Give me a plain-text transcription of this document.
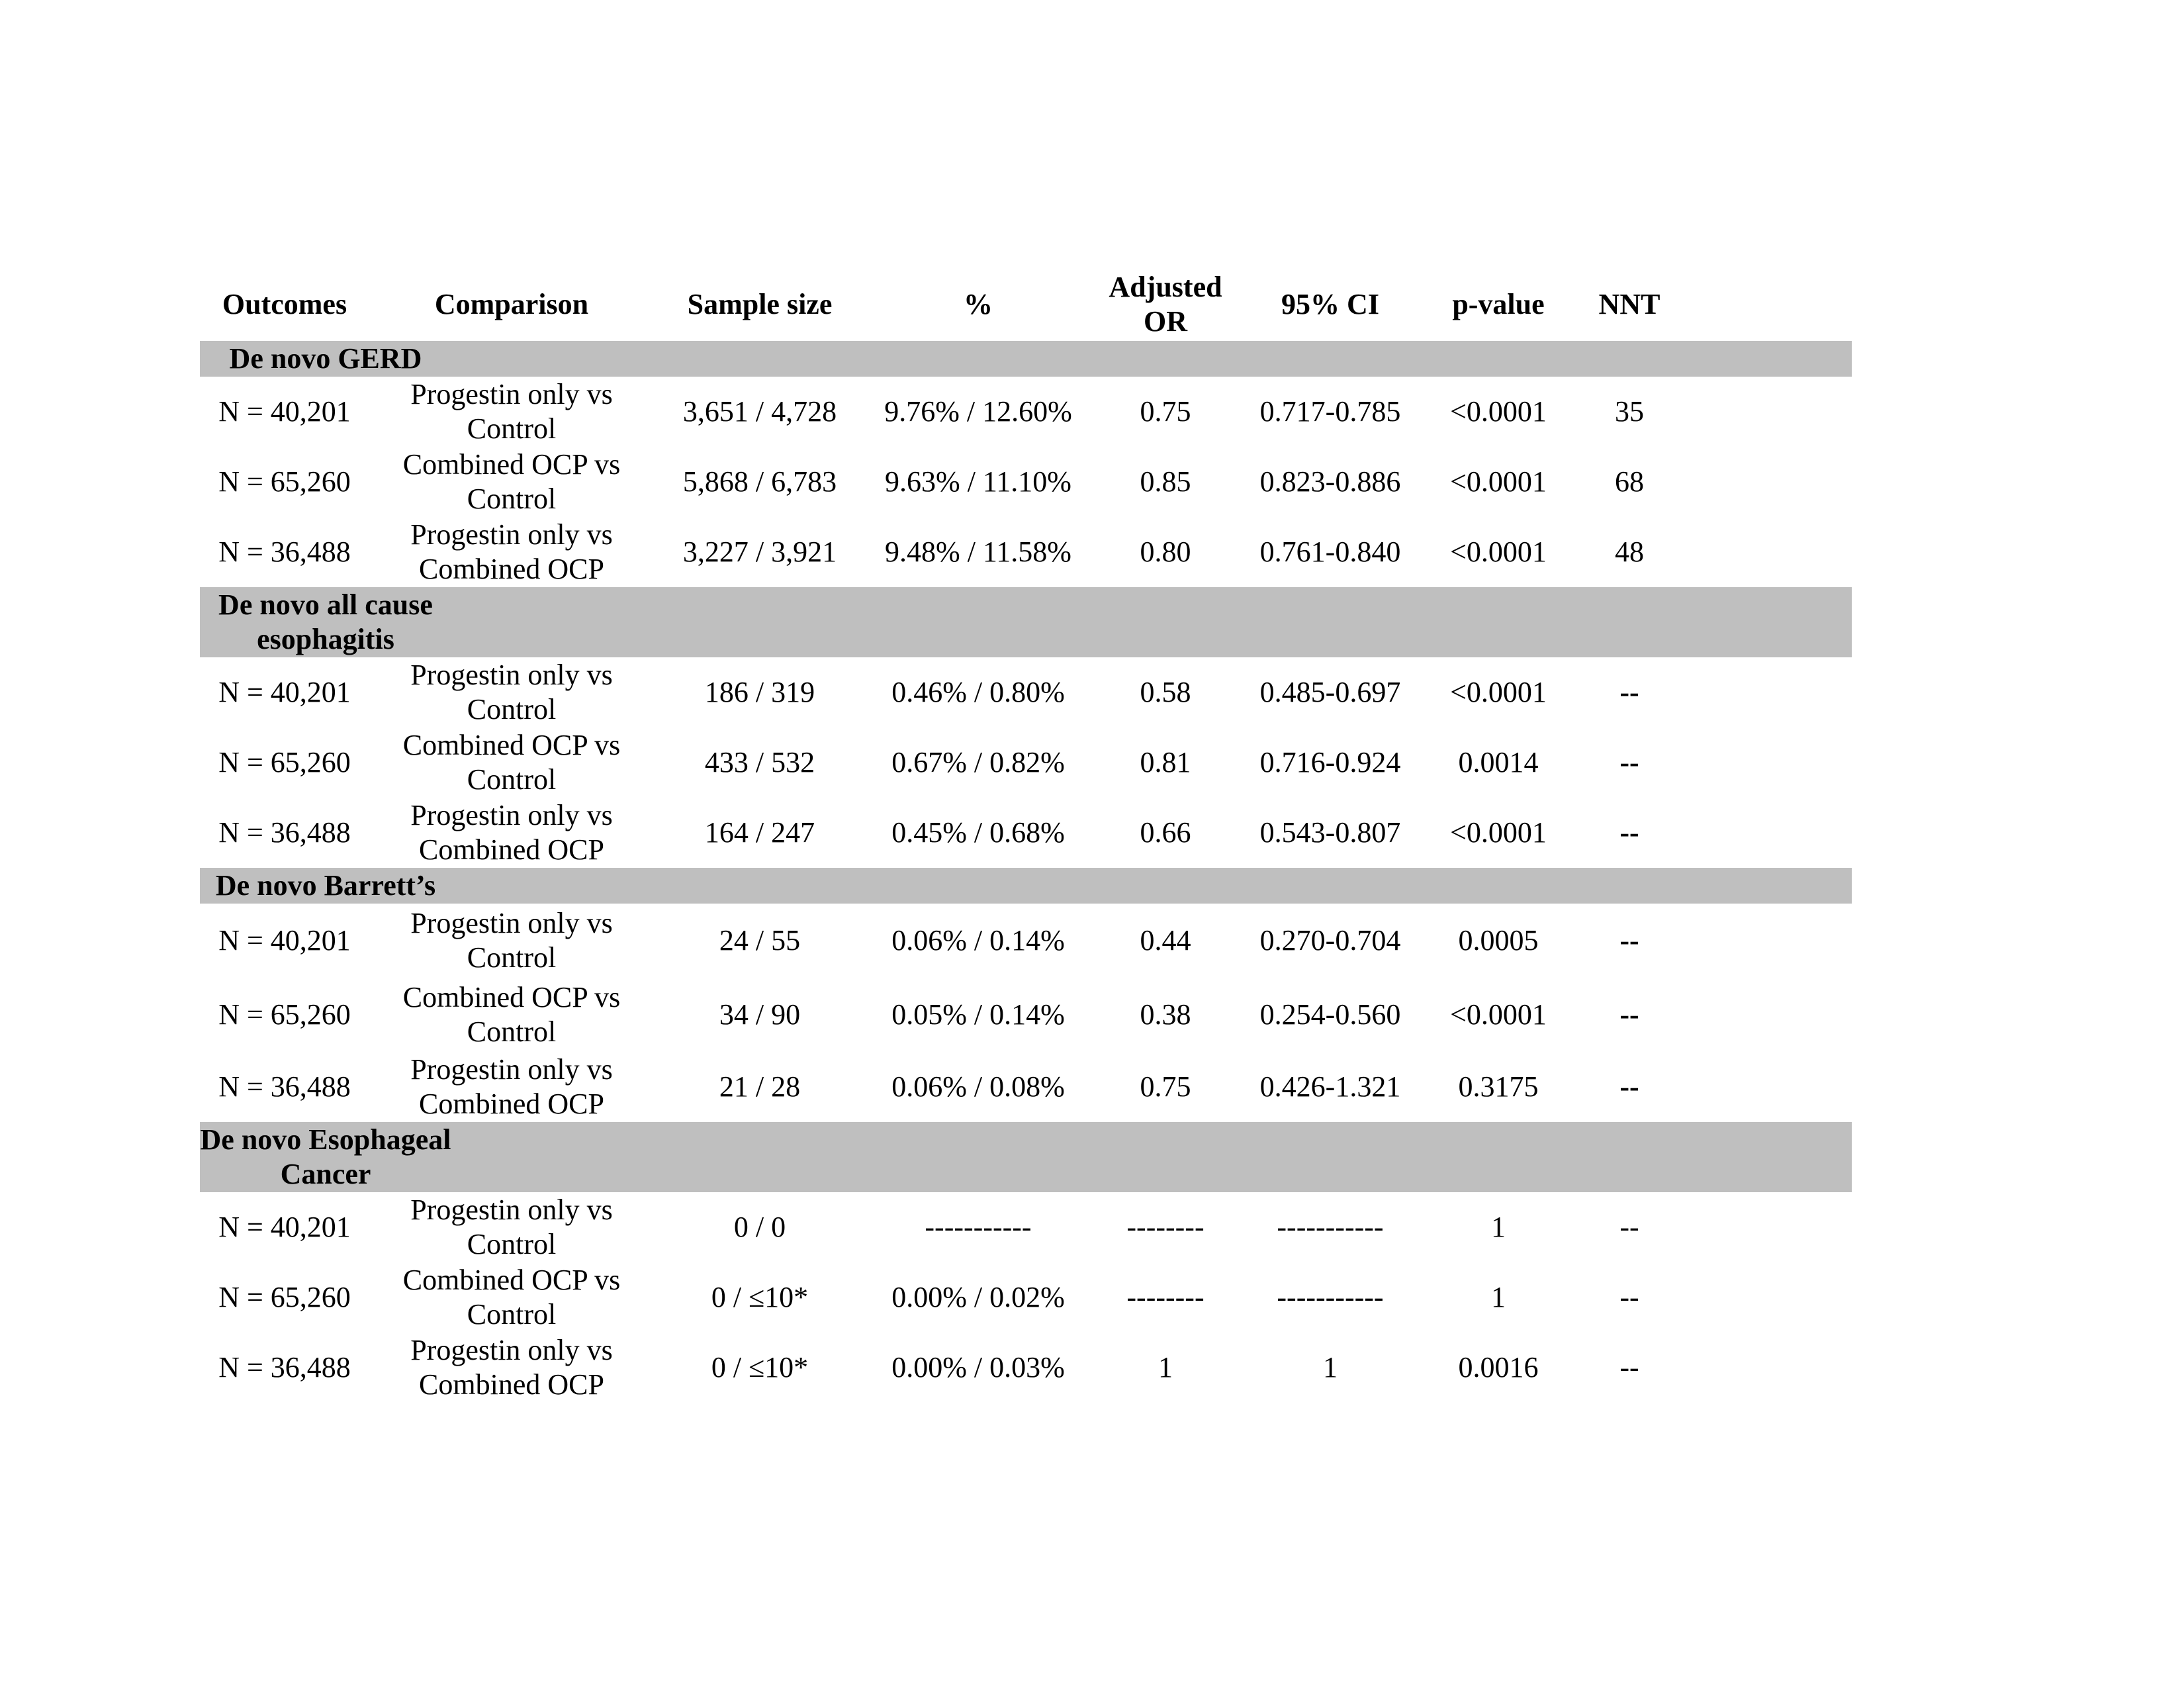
Outcomes	Comparison	Sample size	%	Adjusted OR	95% CI	p-value	NNT	
De novo GERD								
N = 40,201	Progestin only vs Control	3,651 / 4,728	9.76% / 12.60%	0.75	0.717-0.785	<0.0001	35	
N = 65,260	Combined OCP vs Control	5,868 / 6,783	9.63% / 11.10%	0.85	0.823-0.886	<0.0001	68	
N = 36,488	Progestin only vs Combined OCP	3,227 / 3,921	9.48% / 11.58%	0.80	0.761-0.840	<0.0001	48	
De novo all cause esophagitis								
N = 40,201	Progestin only vs Control	186 / 319	0.46% / 0.80%	0.58	0.485-0.697	<0.0001	--	
N = 65,260	Combined OCP vs Control	433 / 532	0.67% / 0.82%	0.81	0.716-0.924	0.0014	--	
N = 36,488	Progestin only vs Combined OCP	164 / 247	0.45% / 0.68%	0.66	0.543-0.807	<0.0001	--	
De novo Barrett’s								
N = 40,201	Progestin only vs Control	24 / 55	0.06% / 0.14%	0.44	0.270-0.704	0.0005	--	
N = 65,260	Combined OCP vs Control	34 / 90	0.05% / 0.14%	0.38	0.254-0.560	<0.0001	--	
N = 36,488	Progestin only vs Combined OCP	21 / 28	0.06% / 0.08%	0.75	0.426-1.321	0.3175	--	
De novo Esophageal Cancer								
N = 40,201	Progestin only vs Control	0 / 0	-----------	--------	-----------	1	--	
N = 65,260	Combined OCP vs Control	0 / ≤10*	0.00% / 0.02%	--------	-----------	1	--	
N = 36,488	Progestin only vs Combined OCP	0 / ≤10*	0.00% / 0.03%	1	1	0.0016	--	
